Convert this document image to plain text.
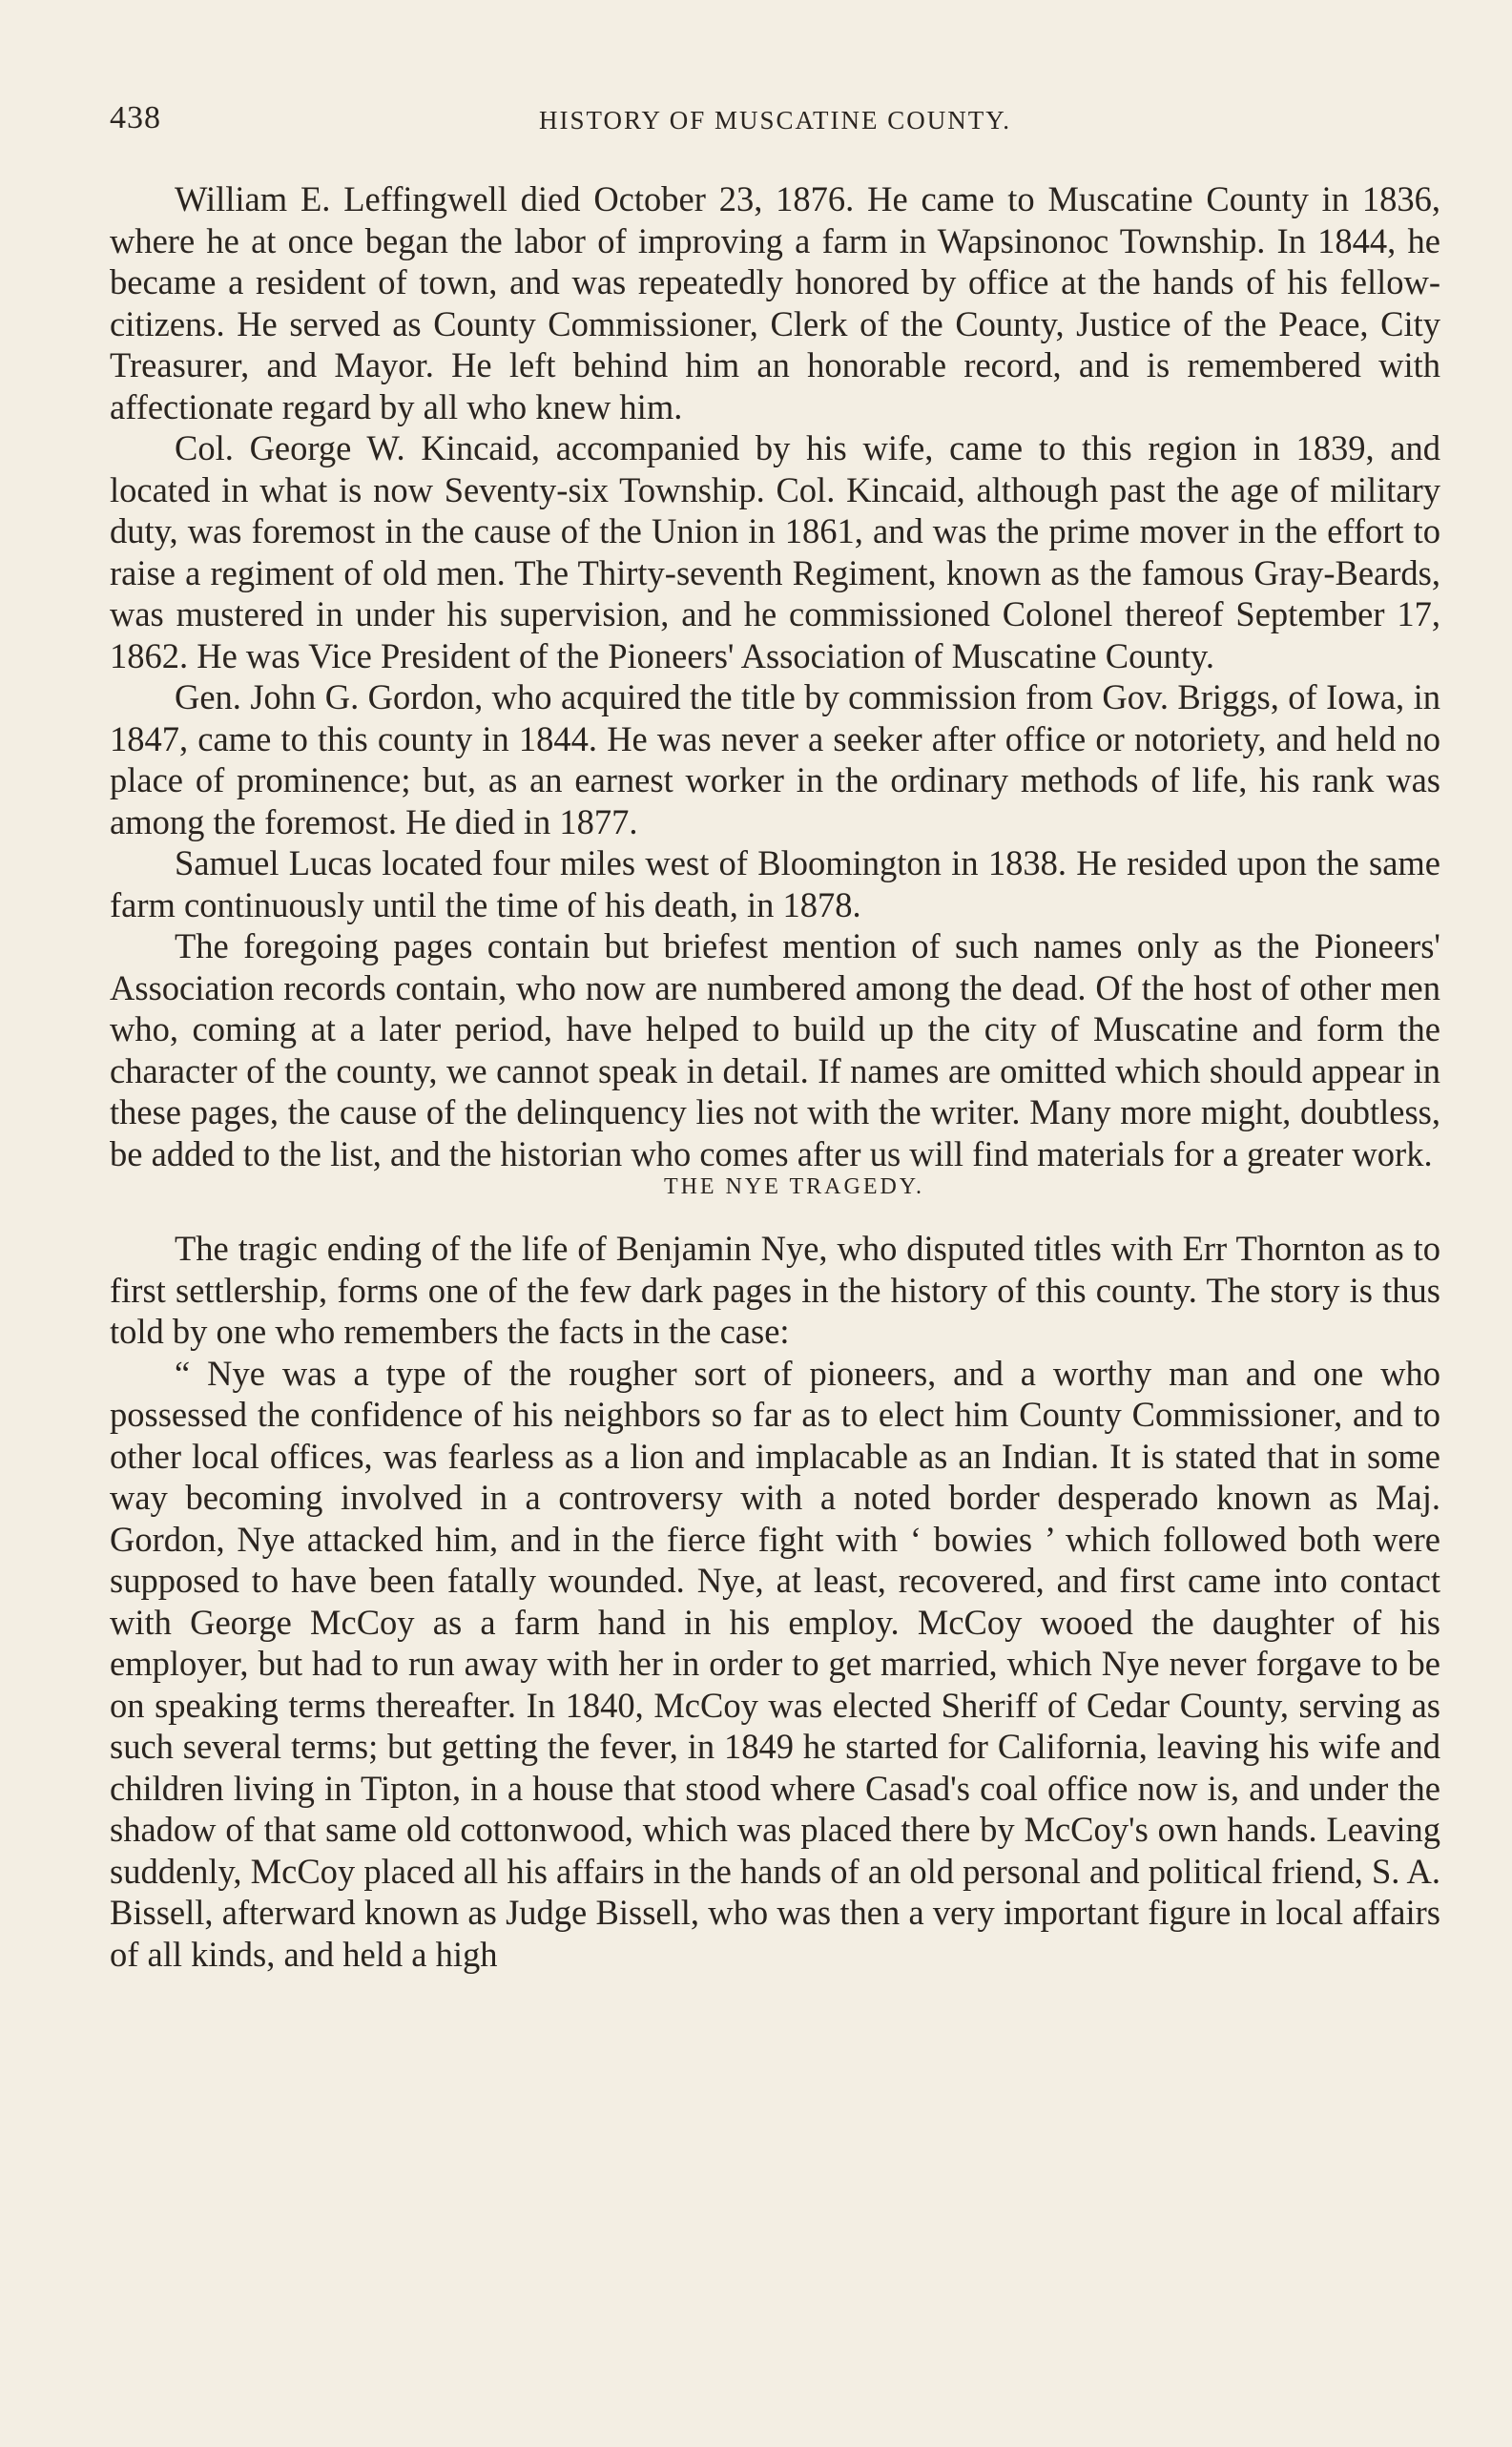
438	HISTORY OF MUSCATINE COUNTY.

William E. Leffingwell died October 23, 1876. He came to Muscatine County in 1836, where he at once began the labor of improving a farm in Wapsinonoc Township. In 1844, he became a resident of town, and was repeatedly honored by office at the hands of his fellow-citizens. He served as County Commissioner, Clerk of the County, Justice of the Peace, City Treasurer, and Mayor. He left behind him an honorable record, and is remembered with affectionate regard by all who knew him.

Col. George W. Kincaid, accompanied by his wife, came to this region in 1839, and located in what is now Seventy-six Township. Col. Kincaid, although past the age of military duty, was foremost in the cause of the Union in 1861, and was the prime mover in the effort to raise a regiment of old men. The Thirty-seventh Regiment, known as the famous Gray-Beards, was mustered in under his supervision, and he commissioned Colonel thereof September 17, 1862. He was Vice President of the Pioneers' Association of Muscatine County.

Gen. John G. Gordon, who acquired the title by commission from Gov. Briggs, of Iowa, in 1847, came to this county in 1844. He was never a seeker after office or notoriety, and held no place of prominence; but, as an earnest worker in the ordinary methods of life, his rank was among the foremost. He died in 1877.

Samuel Lucas located four miles west of Bloomington in 1838. He resided upon the same farm continuously until the time of his death, in 1878.

The foregoing pages contain but briefest mention of such names only as the Pioneers' Association records contain, who now are numbered among the dead. Of the host of other men who, coming at a later period, have helped to build up the city of Muscatine and form the character of the county, we cannot speak in detail. If names are omitted which should appear in these pages, the cause of the delinquency lies not with the writer. Many more might, doubtless, be added to the list, and the historian who comes after us will find materials for a greater work.

THE NYE TRAGEDY.

The tragic ending of the life of Benjamin Nye, who disputed titles with Err Thornton as to first settlership, forms one of the few dark pages in the history of this county. The story is thus told by one who remembers the facts in the case:

“ Nye was a type of the rougher sort of pioneers, and a worthy man and one who possessed the confidence of his neighbors so far as to elect him County Commissioner, and to other local offices, was fearless as a lion and implacable as an Indian. It is stated that in some way becoming involved in a controversy with a noted border desperado known as Maj. Gordon, Nye attacked him, and in the fierce fight with ‘ bowies ’ which followed both were supposed to have been fatally wounded. Nye, at least, recovered, and first came into contact with George McCoy as a farm hand in his employ. McCoy wooed the daughter of his employer, but had to run away with her in order to get married, which Nye never forgave to be on speaking terms thereafter. In 1840, McCoy was elected Sheriff of Cedar County, serving as such several terms; but getting the fever, in 1849 he started for California, leaving his wife and children living in Tipton, in a house that stood where Casad's coal office now is, and under the shadow of that same old cottonwood, which was placed there by McCoy's own hands. Leaving suddenly, McCoy placed all his affairs in the hands of an old personal and political friend, S. A. Bissell, afterward known as Judge Bissell, who was then a very important figure in local affairs of all kinds, and held a high
